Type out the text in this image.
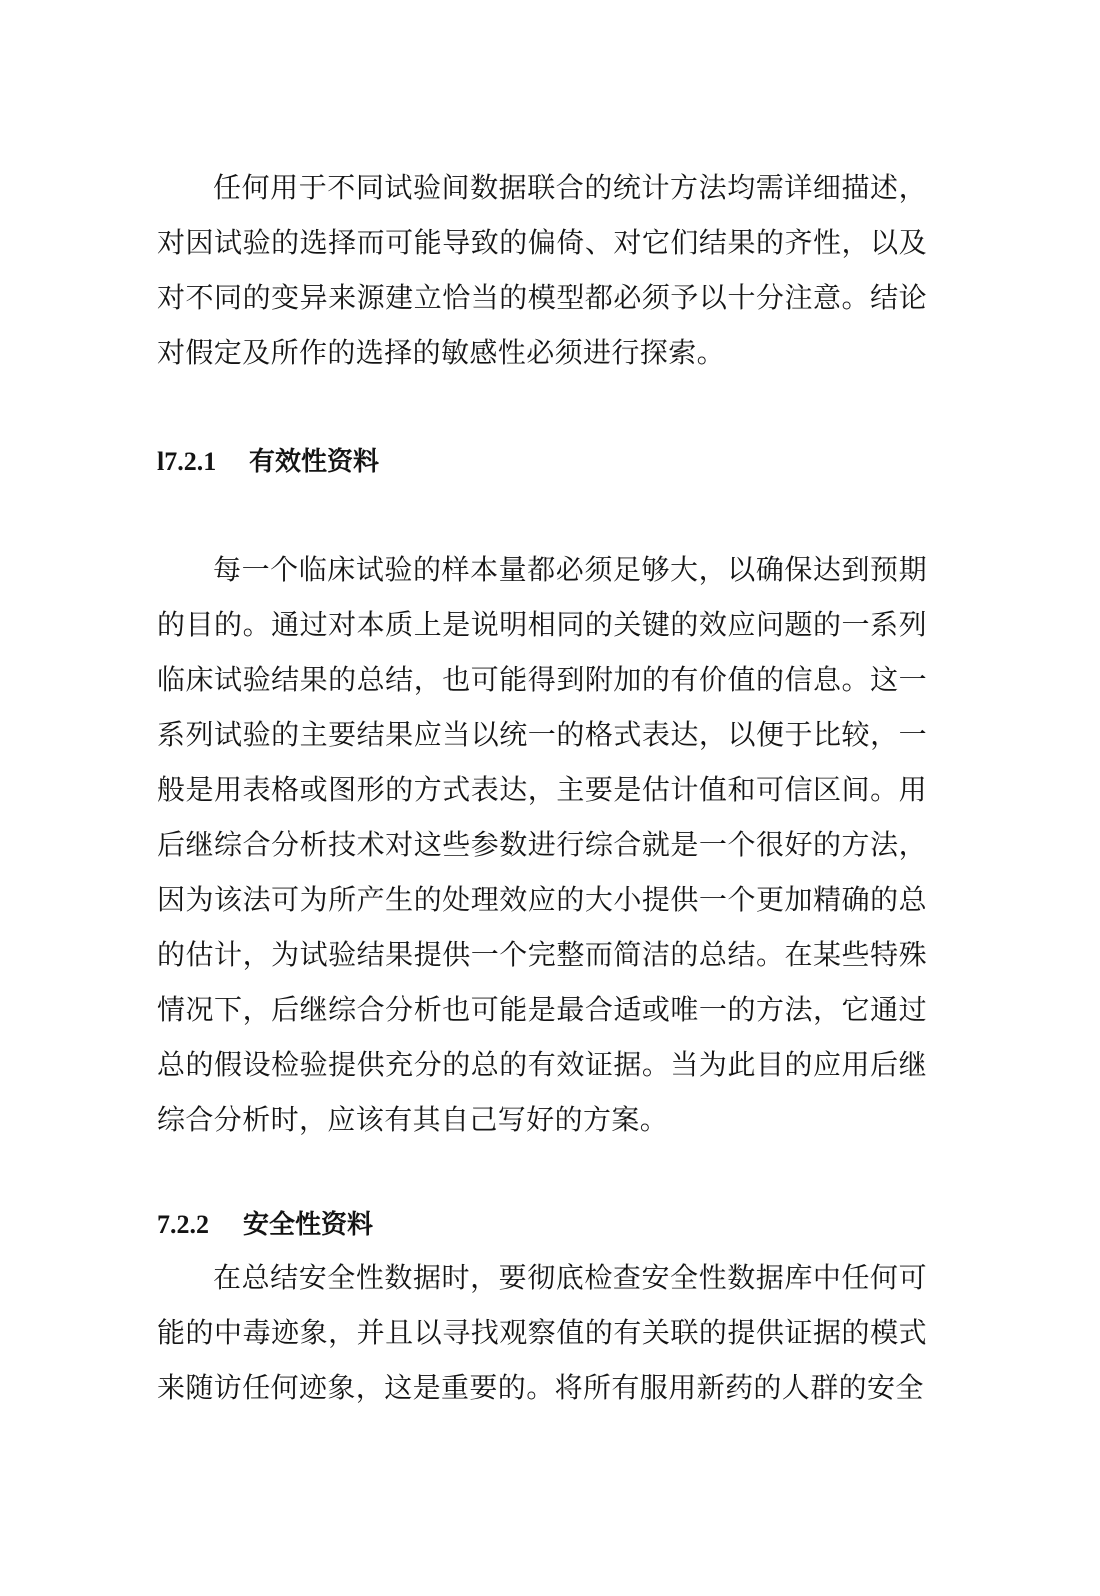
任何用于不同试验间数据联合的统计方法均需详细描述，对因试验的选择而可能导致的偏倚、对它们结果的齐性，以及对不同的变异来源建立恰当的模型都必须予以十分注意。结论对假定及所作的选择的敏感性必须进行探索。

l7.2.1 有效性资料

每一个临床试验的样本量都必须足够大，以确保达到预期的目的。通过对本质上是说明相同的关键的效应问题的一系列临床试验结果的总结，也可能得到附加的有价值的信息。这一系列试验的主要结果应当以统一的格式表达，以便于比较，一般是用表格或图形的方式表达，主要是估计值和可信区间。用后继综合分析技术对这些参数进行综合就是一个很好的方法，因为该法可为所产生的处理效应的大小提供一个更加精确的总的估计，为试验结果提供一个完整而简洁的总结。在某些特殊情况下，后继综合分析也可能是最合适或唯一的方法，它通过总的假设检验提供充分的总的有效证据。当为此目的应用后继综合分析时，应该有其自己写好的方案。

7.2.2 安全性资料

在总结安全性数据时，要彻底检查安全性数据库中任何可能的中毒迹象，并且以寻找观察值的有关联的提供证据的模式来随访任何迹象，这是重要的。将所有服用新药的人群的安全
